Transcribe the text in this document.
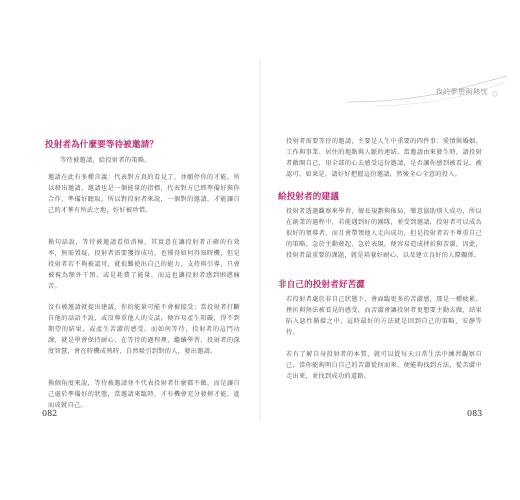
投射者為什麼要等待被邀請？
等待被邀請，給投射者的策略。
邀請在此有多種含義：代表對方真的看見了，並願停你的才能，所以發出邀請，邀請也是一個能量的指標，代表對方已經準備好與你合作、準備好聽取，所以對投射者來說，一個對的邀請，才能讓自己的才華有所武之地，好好被珍惜。
換句話說，等待被邀請看似消極，其實意在讓投射者正確的有效率，無需置疑，投射者需要獲得成功，也懂得如何得知時機，但是投射者若不夠被認可，就很難使出自己的能力，支持與引導，只會被視為額外干預，或是耗費了能量，而這也讓投射者感到困惑痛苦。
沒有被邀請就提出建議，你的能量可能不會被接受；當投射者打斷自他的話語不說，或沒尊重他人的交談，便容易產生阻礙，得不到期望的結果，或產生苦澀的感受。而如何等待，投射者的這門功課，就是學會保持耐心，在等待的過程裡，繼續學習，投射者的深度智慧，會在時機成熟時，自然吸引到對的人，發出邀請。
換個角度來說，等待被邀請並不代表投射者什麼都不做，而是讓自己處於準備好的狀態，當邀請來臨時，才有機會充分發揮才能，進而成就自己。
082
我的夢想與熱忱
投射者需要等待的邀請，主要是人生中重要的四件事：愛情與婚姻、工作與事業、居住的地點與人脈的連結。當邀請由來發生時，請投射者敞開自己，用全部的心去感受這份邀請，是否讓你感到被看見、被認可，如果是，請好好把握這份邀請，然後全心全意的投入。
給投射者的建議
投射者透過觀察來學習，擅長規劃與佈局，樂意協助別人成功，所以在創業的過程中，若能遇到好的團隊，並受到邀請，投射者可以成為很好的領導者，而且會帶領他人走向成功，但是投射者若不尊重自己的策略，急於主動發起，急於表現，便容易造成挫折與苦澀，因此，投射者最重要的課題，就是培養好耐心，以及建立良好的人際關係。
非自己的投射者好苦澀
若投射者處於非自己狀態下，會面臨更多的苦澀感，那是一種疲累、挫折與無法被看見的感受，而苦澀會讓投射者更想要主動去做，結果陷入惡性循環之中，這時最好的方法就是回到自己的策略，安靜等待。
若有了解自身投射者的本質，就可以從每天日常生活中練習觀察自己，當你能夠明白自己的苦澀從何而來，便能夠找到方法，從苦澀中走出來，並找到成功的道路。
083
